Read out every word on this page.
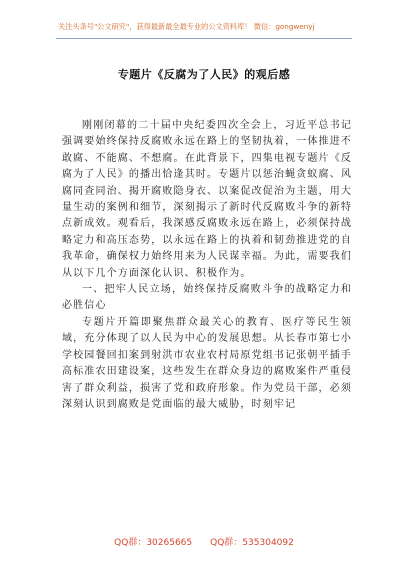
关注头条号"公文研究"，获得最新最全最专业的公文资料库！ 微信：gongwenyj
专题片《反腐为了人民》的观后感

刚刚闭幕的二十届中央纪委四次全会上，习近平总书记强调要始终保持反腐败永远在路上的坚韧执着，一体推进不敢腐、不能腐、不想腐。在此背景下，四集电视专题片《反腐为了人民》的播出恰逢其时。专题片以惩治蝇贪蚁腐、风腐同查同治、揭开腐败隐身衣、以案促改促治为主题，用大量生动的案例和细节，深刻揭示了新时代反腐败斗争的新特点新成效。观看后，我深感反腐败永远在路上，必须保持战略定力和高压态势，以永远在路上的执着和韧劲推进党的自我革命，确保权力始终用来为人民谋幸福。为此，需要我们从以下几个方面深化认识、积极作为。

一、把牢人民立场，始终保持反腐败斗争的战略定力和必胜信心

专题片开篇即聚焦群众最关心的教育、医疗等民生领域，充分体现了以人民为中心的发展思想。从长春市第七小学校园餐回扣案到射洪市农业农村局原党组书记张朝平插手高标准农田建设案，这些发生在群众身边的腐败案件严重侵害了群众利益，损害了党和政府形象。作为党员干部，必须深刻认识到腐败是党面临的最大威胁，时刻牢记

QQ群：30265665 QQ群：535304092
